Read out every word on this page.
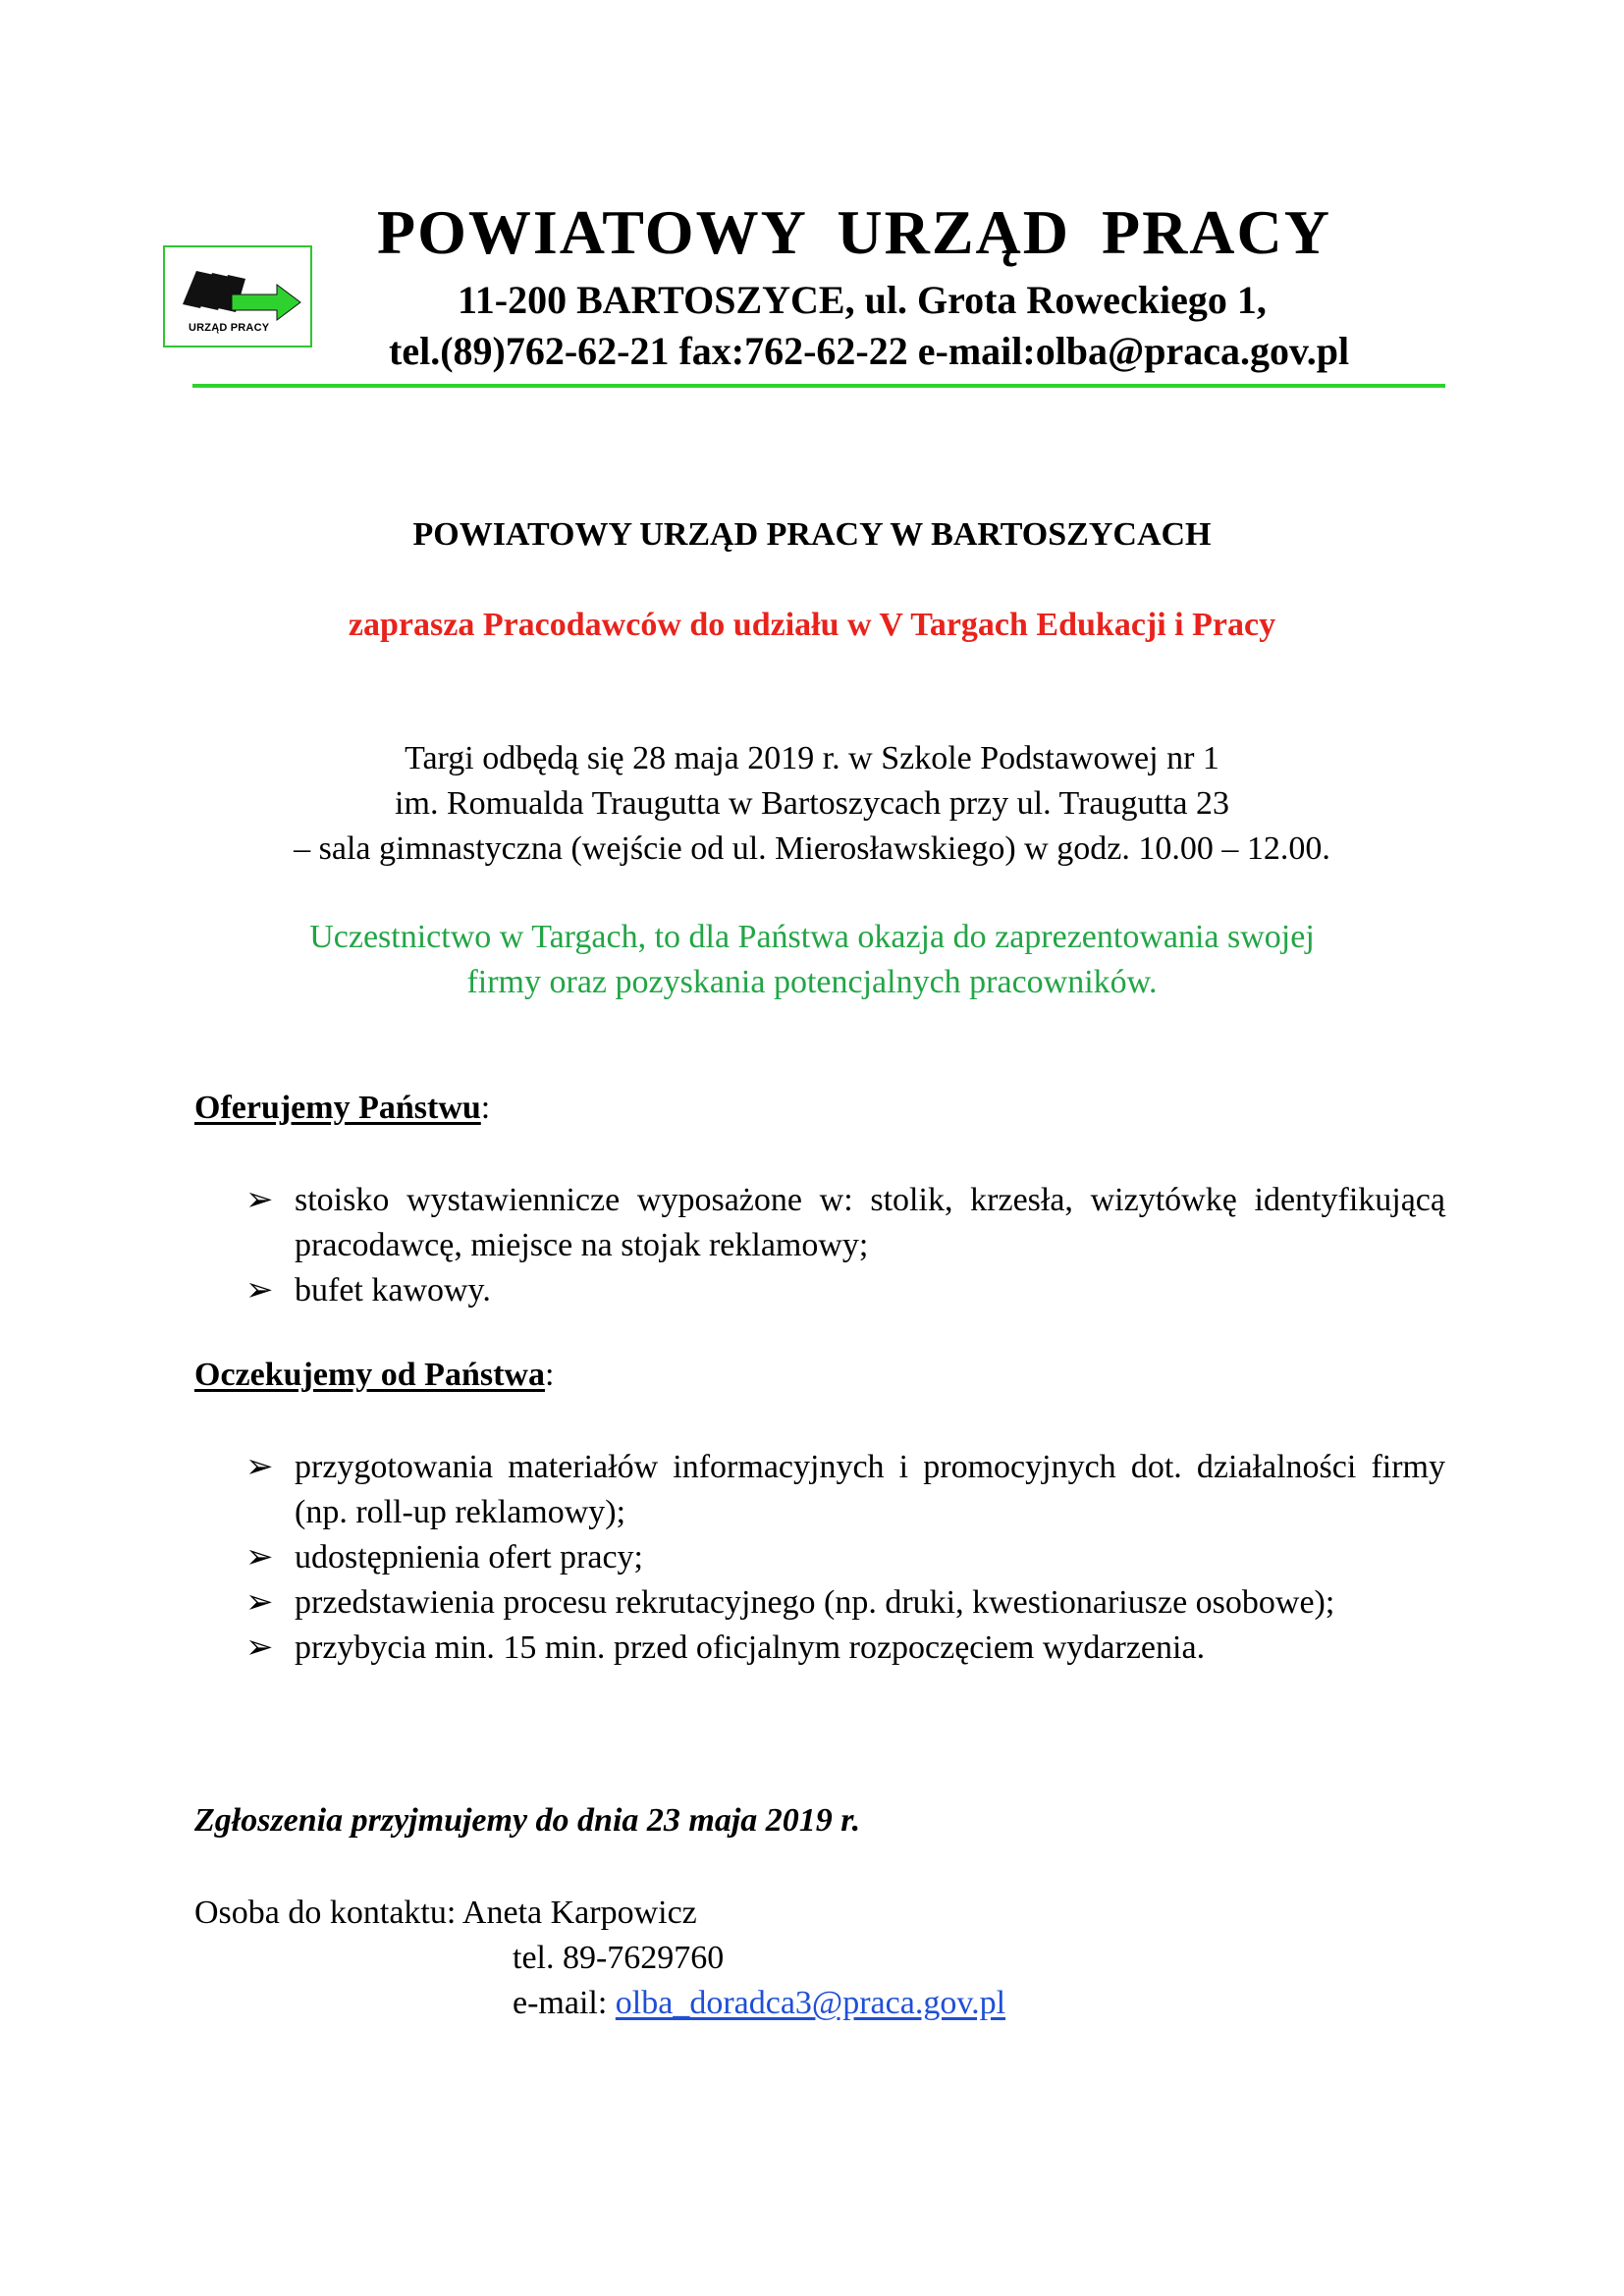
URZĄD PRACY
POWIATOWY URZĄD PRACY
11-200 BARTOSZYCE, ul. Grota Roweckiego 1,
tel.(89)762-62-21 fax:762-62-22 e-mail:olba@praca.gov.pl
POWIATOWY URZĄD PRACY W BARTOSZYCACH
zaprasza Pracodawców do udziału w V Targach Edukacji i Pracy
Targi odbędą się 28 maja 2019 r. w Szkole Podstawowej nr 1
im. Romualda Traugutta w Bartoszycach przy ul. Traugutta 23
– sala gimnastyczna (wejście od ul. Mierosławskiego) w godz. 10.00 – 12.00.
Uczestnictwo w Targach, to dla Państwa okazja do zaprezentowania swojej
firmy oraz pozyskania potencjalnych pracowników.
Oferujemy Państwu:
➢ stoisko wystawiennicze wyposażone w: stolik, krzesła, wizytówkę identyfikującą pracodawcę, miejsce na stojak reklamowy;
➢ bufet kawowy.
Oczekujemy od Państwa:
➢ przygotowania materiałów informacyjnych i promocyjnych dot. działalności firmy (np. roll-up reklamowy);
➢ udostępnienia ofert pracy;
➢ przedstawienia procesu rekrutacyjnego (np. druki, kwestionariusze osobowe);
➢ przybycia min. 15 min. przed oficjalnym rozpoczęciem wydarzenia.
Zgłoszenia przyjmujemy do dnia 23 maja 2019 r.
Osoba do kontaktu: Aneta Karpowicz
tel. 89-7629760
e-mail: olba_doradca3@praca.gov.pl
